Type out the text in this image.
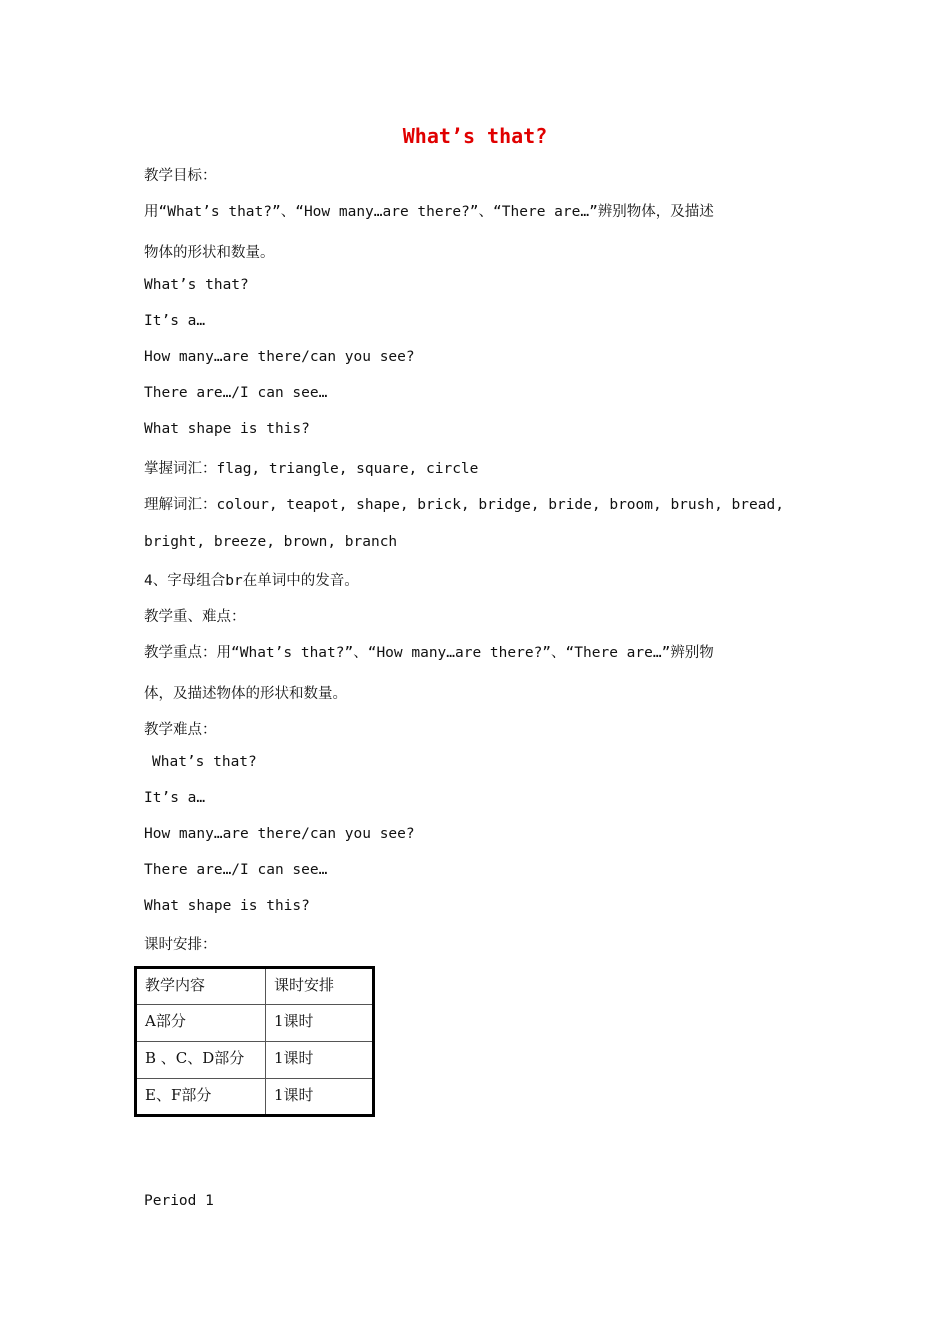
What’s that?
教学目标：
用“What’s that?”、“How many…are there?”、“There are…”辨别物体，及描述
物体的形状和数量。
What’s that?
It’s a…
How many…are there/can you see?
There are…/I can see…
What shape is this?
掌握词汇：flag, triangle, square, circle
理解词汇：colour, teapot, shape, brick, bridge, bride, broom, brush, bread,
bright, breeze, brown, branch
4、字母组合br在单词中的发音。
教学重、难点：
教学重点：用“What’s that?”、“How many…are there?”、“There are…”辨别物
体，及描述物体的形状和数量。
教学难点：
What’s that?
It’s a…
How many…are there/can you see?
There are…/I can see…
What shape is this?
课时安排：
教学内容	课时安排
A部分	1课时
B 、C、D部分	1课时
E、F部分	1课时
Period 1
